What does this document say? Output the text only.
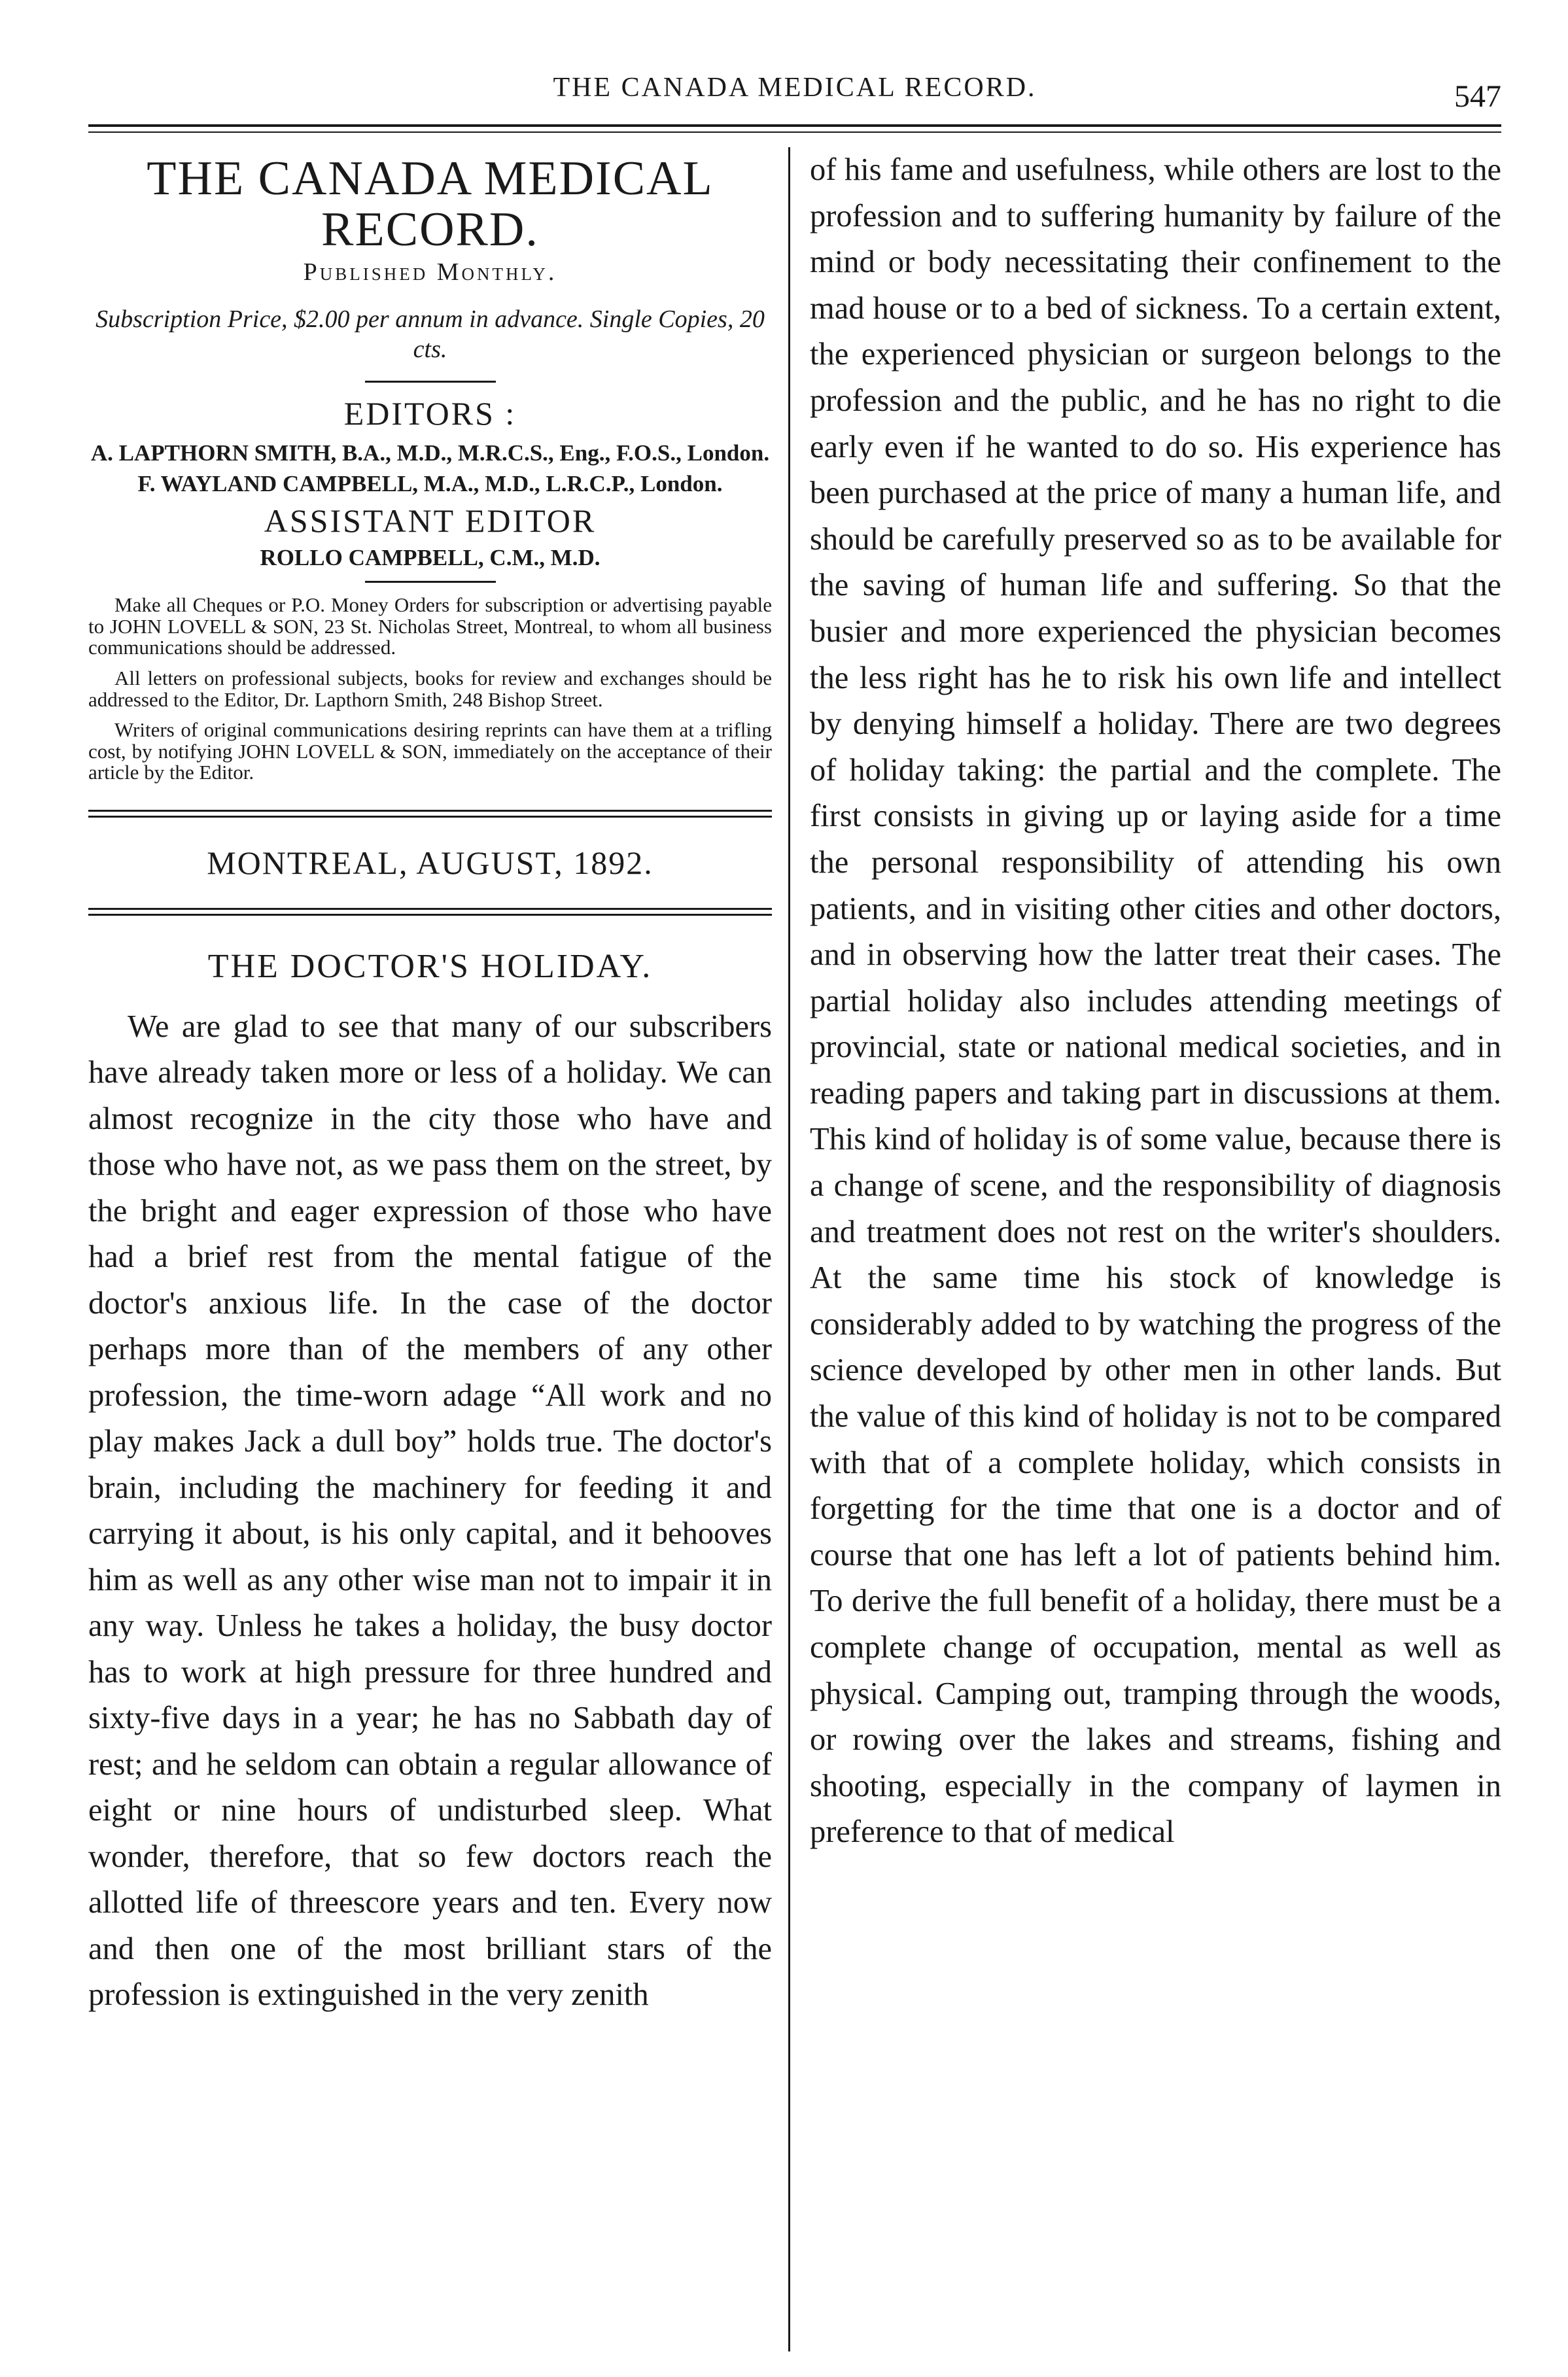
THE CANADA MEDICAL RECORD.	547
THE CANADA MEDICAL RECORD.
Published Monthly.
Subscription Price, $2.00 per annum in advance. Single Copies, 20 cts.
EDITORS :

A. LAPTHORN SMITH, B.A., M.D., M.R.C.S., Eng., F.O.S., London.

F. WAYLAND CAMPBELL, M.A., M.D., L.R.C.P., London.

ASSISTANT EDITOR

ROLLO CAMPBELL, C.M., M.D.

Make all Cheques or P.O. Money Orders for subscription or advertising payable to JOHN LOVELL & SON, 23 St. Nicholas Street, Montreal, to whom all business communications should be addressed.

All letters on professional subjects, books for review and exchanges should be addressed to the Editor, Dr. Lapthorn Smith, 248 Bishop Street.

Writers of original communications desiring reprints can have them at a trifling cost, by notifying JOHN LOVELL & SON, immediately on the acceptance of their article by the Editor.

MONTREAL, AUGUST, 1892.
THE DOCTOR'S HOLIDAY.

We are glad to see that many of our subscribers have already taken more or less of a holiday. We can almost recognize in the city those who have and those who have not, as we pass them on the street, by the bright and eager expression of those who have had a brief rest from the mental fatigue of the doctor's anxious life. In the case of the doctor perhaps more than of the members of any other profession, the time-worn adage “All work and no play makes Jack a dull boy” holds true. The doctor's brain, including the machinery for feeding it and carrying it about, is his only capital, and it behooves him as well as any other wise man not to impair it in any way. Unless he takes a holiday, the busy doctor has to work at high pressure for three hundred and sixty-five days in a year; he has no Sabbath day of rest; and he seldom can obtain a regular allowance of eight or nine hours of undisturbed sleep. What wonder, therefore, that so few doctors reach the allotted life of threescore years and ten. Every now and then one of the most brilliant stars of the profession is extinguished in the very zenith

of his fame and usefulness, while others are lost to the profession and to suffering humanity by failure of the mind or body necessitating their confinement to the mad house or to a bed of sickness. To a certain extent, the experienced physician or surgeon belongs to the profession and the public, and he has no right to die early even if he wanted to do so. His experience has been purchased at the price of many a human life, and should be carefully preserved so as to be available for the saving of human life and suffering. So that the busier and more experienced the physician becomes the less right has he to risk his own life and intellect by denying himself a holiday. There are two degrees of holiday taking: the partial and the complete. The first consists in giving up or laying aside for a time the personal responsibility of attending his own patients, and in visiting other cities and other doctors, and in observing how the latter treat their cases. The partial holiday also includes attending meetings of provincial, state or national medical societies, and in reading papers and taking part in discussions at them. This kind of holiday is of some value, because there is a change of scene, and the responsibility of diagnosis and treatment does not rest on the writer's shoulders. At the same time his stock of knowledge is considerably added to by watching the progress of the science developed by other men in other lands. But the value of this kind of holiday is not to be compared with that of a complete holiday, which consists in forgetting for the time that one is a doctor and of course that one has left a lot of patients behind him. To derive the full benefit of a holiday, there must be a complete change of occupation, mental as well as physical. Camping out, tramping through the woods, or rowing over the lakes and streams, fishing and shooting, especially in the company of laymen in preference to that of medical
